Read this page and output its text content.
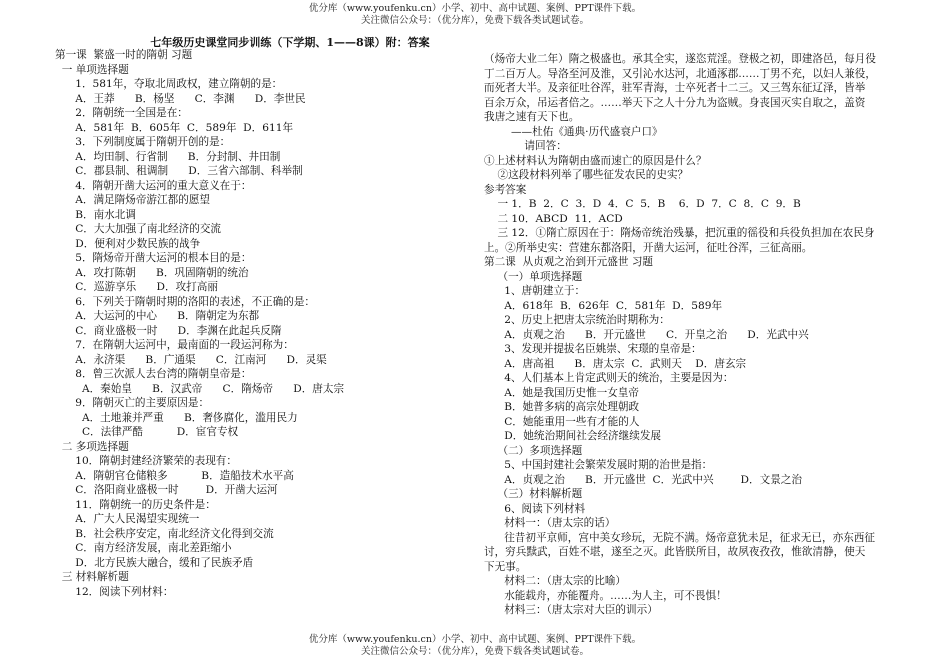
优分库（www.youfenku.cn）小学、初中、高中试题、案例、PPT课件下载。
关注微信公众号：（优分库），免费下载各类试题试卷。
七年级历史课堂同步训练（下学期、1——8课）附：答案
第一课  繁盛一时的隋朝 习题
一 单项选择题
1．581年，夺取北周政权，建立隋朝的是：
A．王莽      B．杨坚      C．李渊      D．李世民
2．隋朝统一全国是在：
A．581年  B．605年  C．589年  D．611年
3．下列制度属于隋朝开创的是：
A．均田制、行省制      B．分封制、井田制
C．郡县制、租调制      D．三省六部制、科举制
4．隋朝开凿大运河的重大意义在于：
A．满足隋炀帝游江都的愿望
B．南水北调
C．大大加强了南北经济的交流
D．便利对少数民族的战争
5．隋炀帝开凿大运河的根本目的是：
A．攻打陈朝      B．巩固隋朝的统治
C．巡游享乐      D．攻打高丽
6．下列关于隋朝时期的洛阳的表述，不正确的是：
A．大运河的中心      B．隋朝定为东都
C．商业盛极一时      D．李渊在此起兵反隋
7．在隋朝大运河中，最南面的一段运河称为：
A．永济渠      B．广通渠      C．江南河      D．灵渠
8．曾三次派人去台湾的隋朝皇帝是：
A．秦始皇      B．汉武帝      C．隋炀帝      D．唐太宗
9．隋朝灭亡的主要原因是：
A．土地兼并严重      B．奢侈腐化，滥用民力
C．法律严酷          D．宦官专权
二 多项选择题
10．隋朝封建经济繁荣的表现有：
A．隋朝官仓储粮多          B．造船技术水平高
C．洛阳商业盛极一时        D．开凿大运河
11．隋朝统一的历史条件是：
A．广大人民渴望实现统一
B．社会秩序安定，南北经济文化得到交流
C．南方经济发展，南北差距缩小
D．北方民族大融合，缓和了民族矛盾
三 材料解析题
12．阅读下列材料：
（炀帝大业二年）隋之极盛也。承其全实，遂恣荒淫。登极之初，即建洛邑，每月役
丁二百万人。导洛至河及淮，又引沁水达河，北通涿郡……丁男不充，以妇人兼役，
而死者大半。及亲征吐谷浑，驻军青海，士卒死者十二三。又三驾东征辽泽，皆举
百余万众，吊运者倍之。……举天下之人十分九为盗贼。身丧国灭实自取之，盖资
我唐之速有天下也。
——杜佑《通典·历代盛衰户口》
请回答：
①上述材料认为隋朝由盛而速亡的原因是什么？
②这段材料列举了哪些征发农民的史实？
参考答案
一 1．B  2．C  3．D  4．C  5．B    6．D  7．C  8．C  9．B
二 10．ABCD  11．ACD
三 12．①隋亡原因在于：隋炀帝统治残暴，把沉重的徭役和兵役负担加在农民身
上。②所举史实：营建东都洛阳，开凿大运河，征吐谷浑，三征高丽。
第二课  从贞观之治到开元盛世 习题
（一）单项选择题
1、唐朝建立于：
A．618年  B．626年  C．581年  D．589年
2、历史上把唐太宗统治时期称为：
A．贞观之治      B．开元盛世      C．开皇之治      D．光武中兴
3、发现并提拔名臣姚崇、宋璟的皇帝是：
A．唐高祖      B．唐太宗  C．武则天    D．唐玄宗
4、人们基本上肯定武则天的统治，主要是因为：
A．她是我国历史惟一女皇帝
B．她普多病的高宗处理朝政
C．她能重用一些有才能的人
D．她统治期间社会经济继续发展
（二）多项选择题
5、中国封建社会繁荣发展时期的治世是指：
A．贞观之治      B．开元盛世  C．光武中兴        D．文景之治
（三）材料解析题
6、阅读下列材料
材料一：（唐太宗的话）
往昔初平京师，宫中美女珍玩，无院不满。炀帝意犹未足，征求无已，亦东西征
讨，穷兵黩武，百姓不堪，遂至之灭。此皆朕所目，故夙夜孜孜，惟欲清静，使天
下无事。
材料二：（唐太宗的比喻）
水能载舟，亦能覆舟。……为人主，可不畏惧！
材料三：（唐太宗对大臣的训示）
优分库（www.youfenku.cn）小学、初中、高中试题、案例、PPT课件下载。
关注微信公众号：（优分库），免费下载各类试题试卷。
